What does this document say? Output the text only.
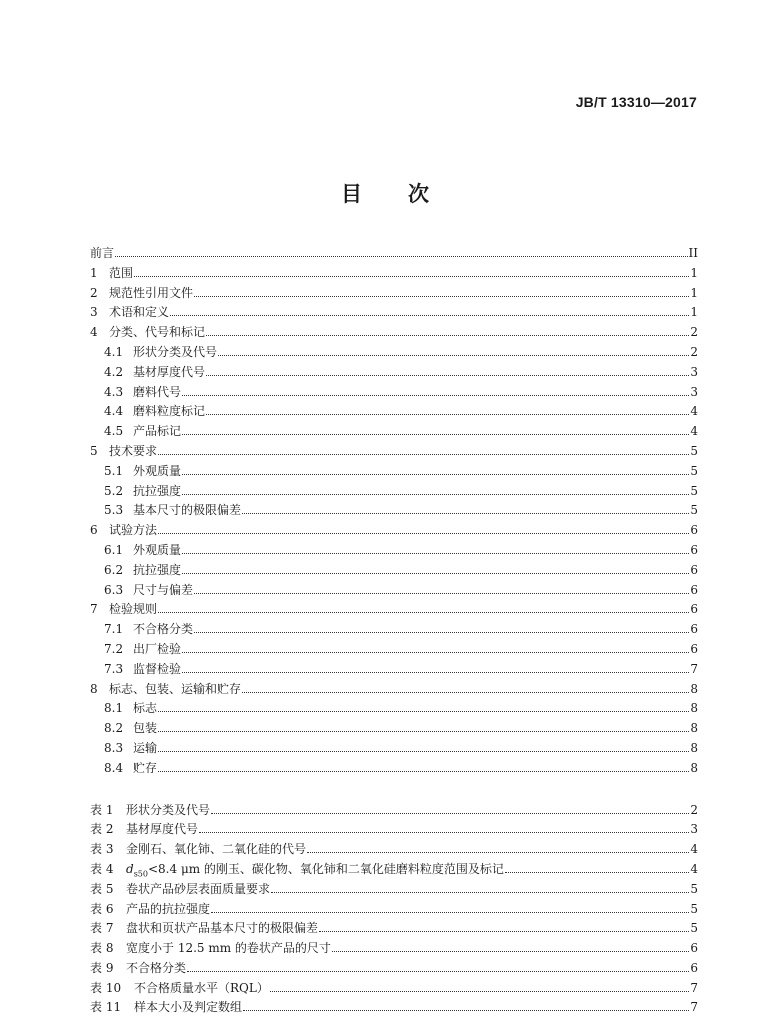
JB/T 13310—2017
目 次
前言	II
1 范围	1
2 规范性引用文件	1
3 术语和定义	1
4 分类、代号和标记	2
4.1 形状分类及代号	2
4.2 基材厚度代号	3
4.3 磨料代号	3
4.4 磨料粒度标记	4
4.5 产品标记	4
5 技术要求	5
5.1 外观质量	5
5.2 抗拉强度	5
5.3 基本尺寸的极限偏差	5
6 试验方法	6
6.1 外观质量	6
6.2 抗拉强度	6
6.3 尺寸与偏差	6
7 检验规则	6
7.1 不合格分类	6
7.2 出厂检验	6
7.3 监督检验	7
8 标志、包装、运输和贮存	8
8.1 标志	8
8.2 包装	8
8.3 运输	8
8.4 贮存	8
表 1	形状分类及代号	2
表 2	基材厚度代号	3
表 3	金刚石、氧化铈、二氧化硅的代号	4
表 4	$d_{s50}<8.4$ μm 的刚玉、碳化物、氧化铈和二氧化硅磨料粒度范围及标记	4
表 5	卷状产品砂层表面质量要求	5
表 6	产品的抗拉强度	5
表 7	盘状和页状产品基本尺寸的极限偏差	5
表 8	宽度小于 12.5 mm 的卷状产品的尺寸	6
表 9	不合格分类	6
表 10	不合格质量水平（RQL）	7
表 11	样本大小及判定数组	7
